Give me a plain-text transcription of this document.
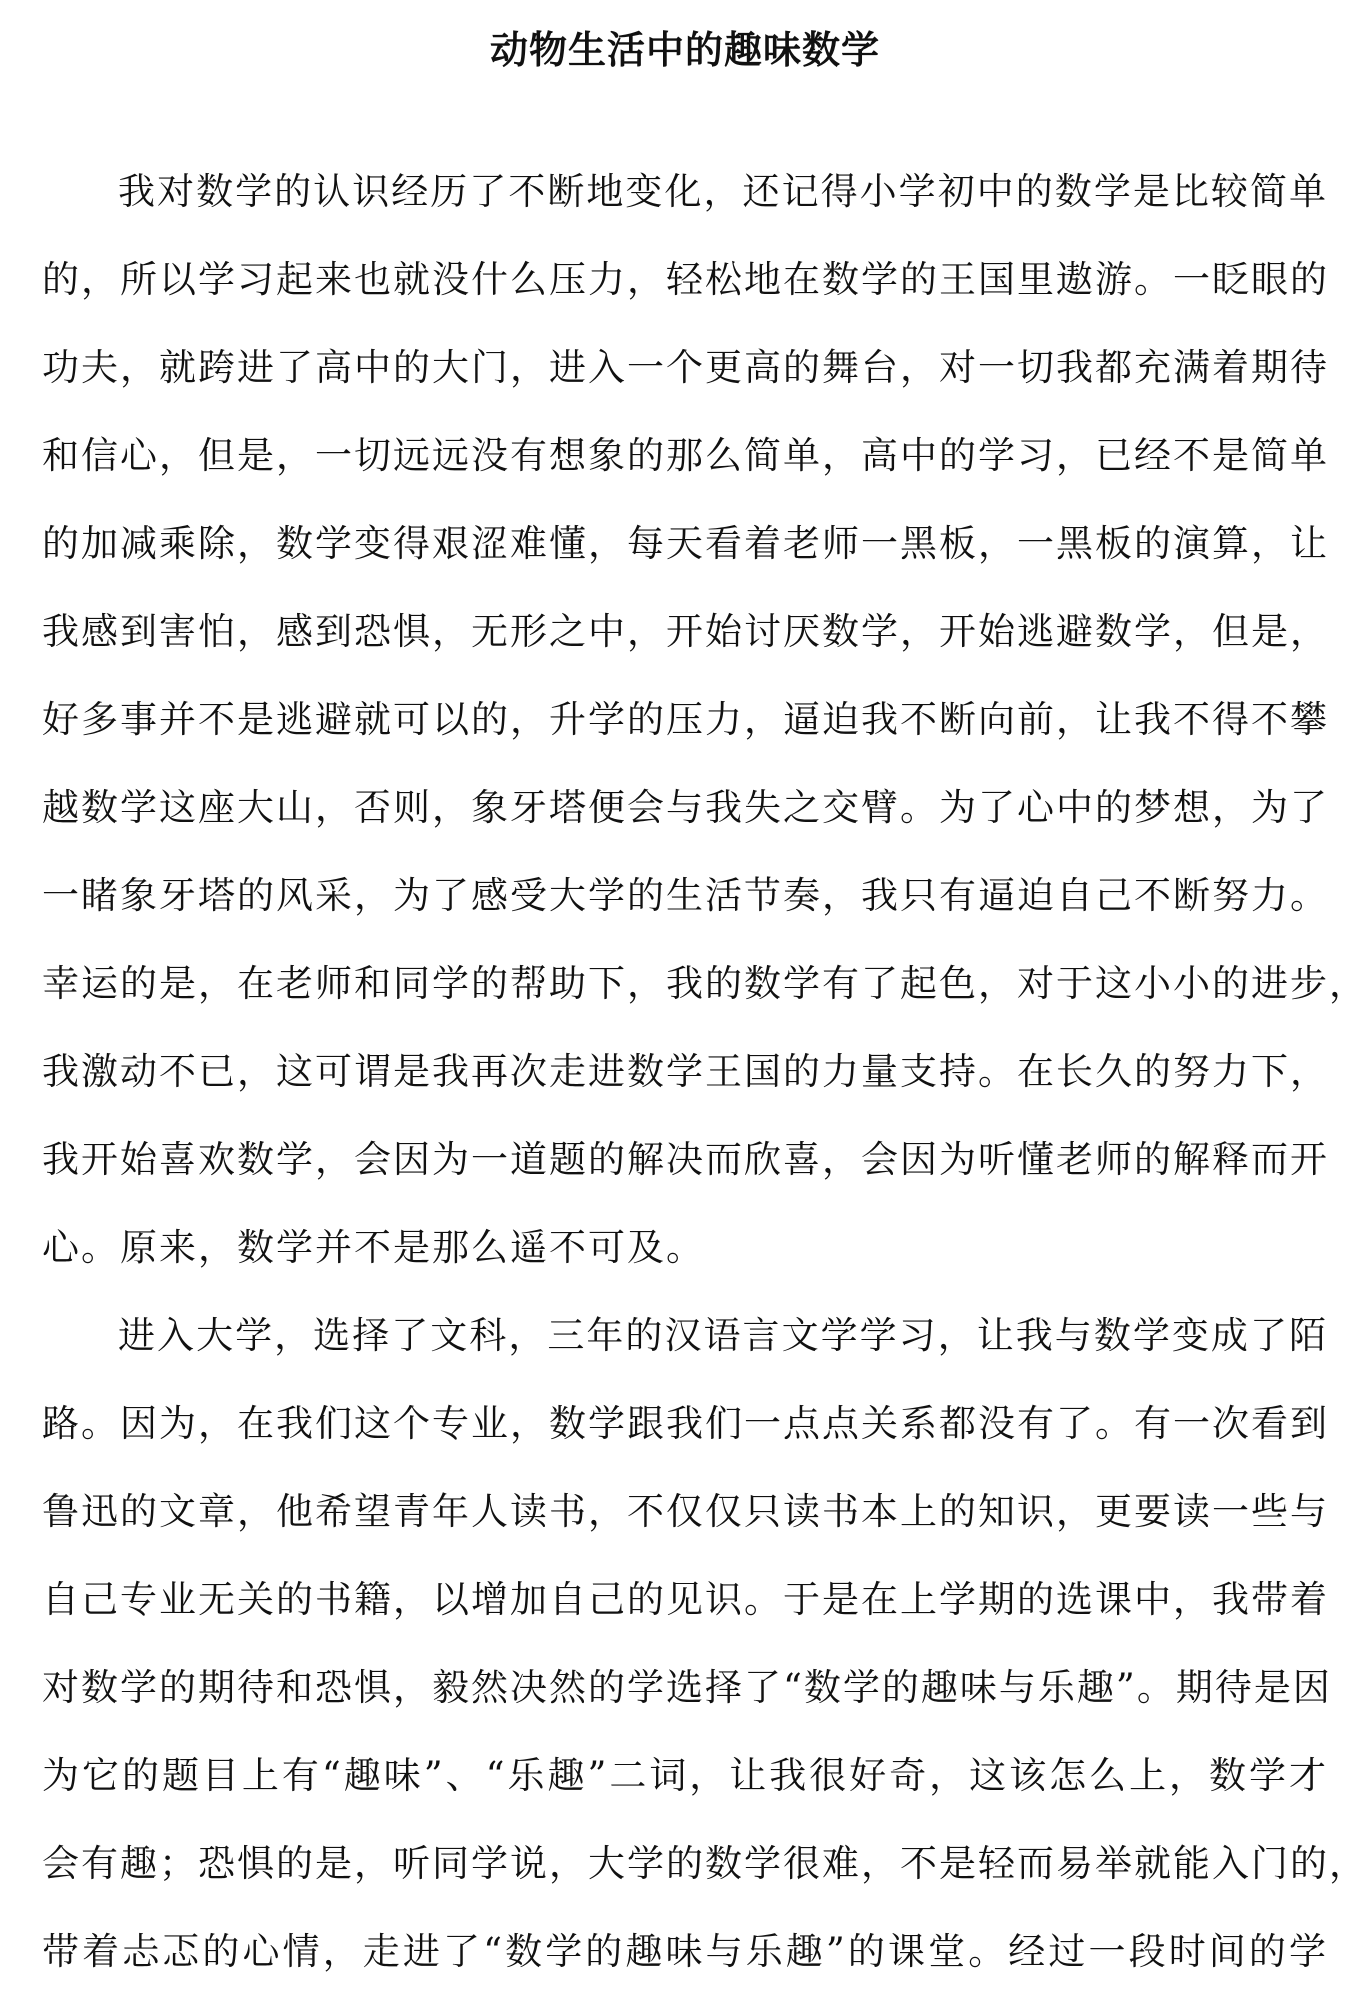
动物生活中的趣味数学
我对数学的认识经历了不断地变化，还记得小学初中的数学是比较简单
的，所以学习起来也就没什么压力，轻松地在数学的王国里遨游。一眨眼的
功夫，就跨进了高中的大门，进入一个更高的舞台，对一切我都充满着期待
和信心，但是，一切远远没有想象的那么简单，高中的学习，已经不是简单
的加减乘除，数学变得艰涩难懂，每天看着老师一黑板，一黑板的演算，让
我感到害怕，感到恐惧，无形之中，开始讨厌数学，开始逃避数学，但是，
好多事并不是逃避就可以的，升学的压力，逼迫我不断向前，让我不得不攀
越数学这座大山，否则，象牙塔便会与我失之交臂。为了心中的梦想，为了
一睹象牙塔的风采，为了感受大学的生活节奏，我只有逼迫自己不断努力。
幸运的是，在老师和同学的帮助下，我的数学有了起色，对于这小小的进步，
我激动不已，这可谓是我再次走进数学王国的力量支持。在长久的努力下，
我开始喜欢数学，会因为一道题的解决而欣喜，会因为听懂老师的解释而开
心。原来，数学并不是那么遥不可及。
进入大学，选择了文科，三年的汉语言文学学习，让我与数学变成了陌
路。因为，在我们这个专业，数学跟我们一点点关系都没有了。有一次看到
鲁迅的文章，他希望青年人读书，不仅仅只读书本上的知识，更要读一些与
自己专业无关的书籍，以增加自己的见识。于是在上学期的选课中，我带着
对数学的期待和恐惧，毅然决然的学选择了“数学的趣味与乐趣”。期待是因
为它的题目上有“趣味”、“乐趣”二词，让我很好奇，这该怎么上，数学才
会有趣；恐惧的是，听同学说，大学的数学很难，不是轻而易举就能入门的，
带着忐忑的心情，走进了“数学的趣味与乐趣”的课堂。经过一段时间的学
